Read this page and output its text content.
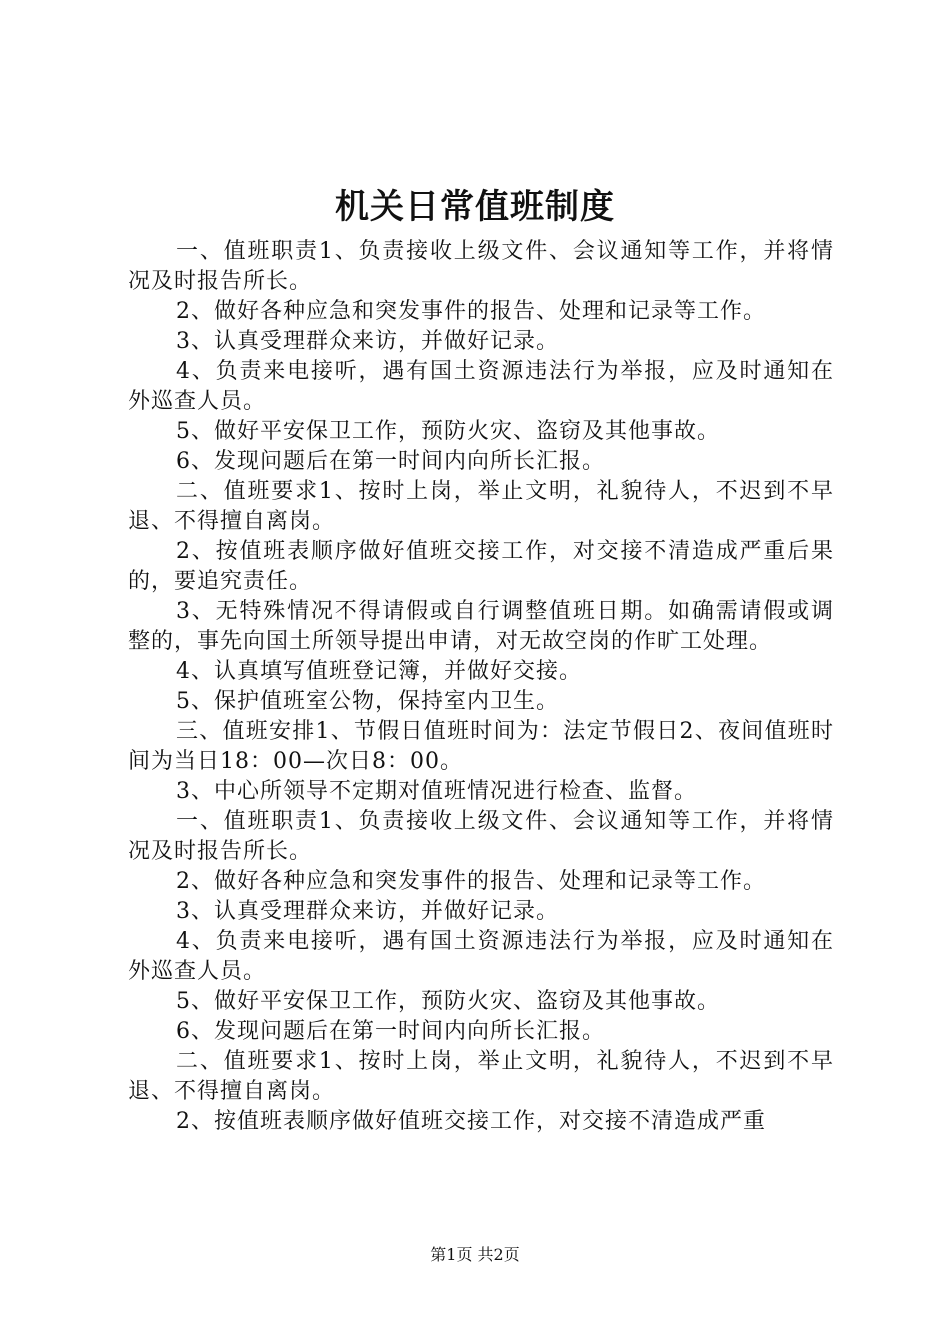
机关日常值班制度

一、值班职责1、负责接收上级文件、会议通知等工作，并将情况及时报告所长。

2、做好各种应急和突发事件的报告、处理和记录等工作。

3、认真受理群众来访，并做好记录。

4、负责来电接听，遇有国土资源违法行为举报，应及时通知在外巡查人员。

5、做好平安保卫工作，预防火灾、盗窃及其他事故。

6、发现问题后在第一时间内向所长汇报。

二、值班要求1、按时上岗，举止文明，礼貌待人，不迟到不早退、不得擅自离岗。

2、按值班表顺序做好值班交接工作，对交接不清造成严重后果的，要追究责任。

3、无特殊情况不得请假或自行调整值班日期。如确需请假或调整的，事先向国土所领导提出申请，对无故空岗的作旷工处理。

4、认真填写值班登记簿，并做好交接。

5、保护值班室公物，保持室内卫生。

三、值班安排1、节假日值班时间为：法定节假日2、夜间值班时间为当日18：00—次日8：00。

3、中心所领导不定期对值班情况进行检查、监督。

一、值班职责1、负责接收上级文件、会议通知等工作，并将情况及时报告所长。

2、做好各种应急和突发事件的报告、处理和记录等工作。

3、认真受理群众来访，并做好记录。

4、负责来电接听，遇有国土资源违法行为举报，应及时通知在外巡查人员。

5、做好平安保卫工作，预防火灾、盗窃及其他事故。

6、发现问题后在第一时间内向所长汇报。

二、值班要求1、按时上岗，举止文明，礼貌待人，不迟到不早退、不得擅自离岗。

2、按值班表顺序做好值班交接工作，对交接不清造成严重

第1页 共2页
